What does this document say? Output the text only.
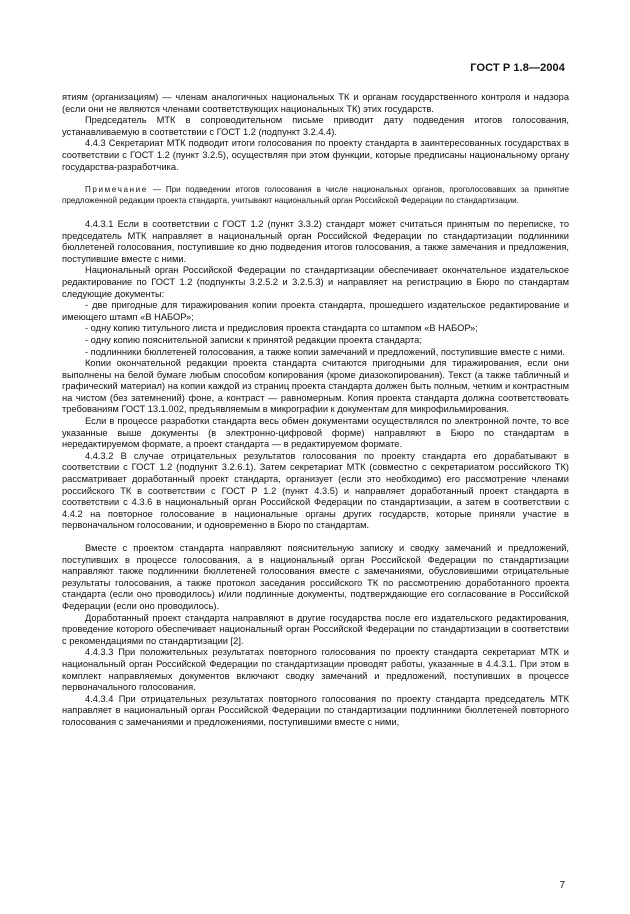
ГОСТ Р 1.8—2004

ятиям (организациям) — членам аналогичных национальных ТК и органам государственного контроля и надзора (если они не являются членами соответствующих национальных ТК) этих государств.

Председатель МТК в сопроводительном письме приводит дату подведения итогов голосования, устанавливаемую в соответствии с ГОСТ 1.2 (подпункт 3.2.4.4).

4.4.3 Секретариат МТК подводит итоги голосования по проекту стандарта в заинтересованных государствах в соответствии с ГОСТ 1.2 (пункт 3.2.5), осуществляя при этом функции, которые предписаны национальному органу государства-разработчика.

Примечание — При подведении итогов голосования в числе национальных органов, проголосовавших за принятие предложенной редакции проекта стандарта, учитывают национальный орган Российской Федерации по стандартизации.

4.4.3.1 Если в соответствии с ГОСТ 1.2 (пункт 3.3.2) стандарт может считаться принятым по переписке, то председатель МТК направляет в национальный орган Российской Федерации по стандартизации подлинники бюллетеней голосования, поступившие ко дню подведения итогов голосования, а также замечания и предложения, поступившие вместе с ними.

Национальный орган Российской Федерации по стандартизации обеспечивает окончательное издательское редактирование по ГОСТ 1.2 (подпункты 3.2.5.2 и 3.2.5.3) и направляет на регистрацию в Бюро по стандартам следующие документы:

- две пригодные для тиражирования копии проекта стандарта, прошедшего издательское редактирование и имеющего штамп «В НАБОР»;

- одну копию титульного листа и предисловия проекта стандарта со штампом «В НАБОР»;

- одну копию пояснительной записки к принятой редакции проекта стандарта;

- подлинники бюллетеней голосования, а также копии замечаний и предложений, поступившие вместе с ними.

Копии окончательной редакции проекта стандарта считаются пригодными для тиражирования, если они выполнены на белой бумаге любым способом копирования (кроме диазокопирования). Текст (а также табличный и графический материал) на копии каждой из страниц проекта стандарта должен быть полным, четким и контрастным на чистом (без затемнений) фоне, а контраст — равномерным. Копия проекта стандарта должна соответствовать требованиям ГОСТ 13.1.002, предъявляемым в микрографии к документам для микрофильмирования.

Если в процессе разработки стандарта весь обмен документами осуществлялся по электронной почте, то все указанные выше документы (в электронно-цифровой форме) направляют в Бюро по стандартам в нередактируемом формате, а проект стандарта — в редактируемом формате.

4.4.3.2 В случае отрицательных результатов голосования по проекту стандарта его дорабатывают в соответствии с ГОСТ 1.2 (подпункт 3.2.6.1). Затем секретариат МТК (совместно с секретариатом российского ТК) рассматривает доработанный проект стандарта, организует (если это необходимо) его рассмотрение членами российского ТК в соответствии с ГОСТ Р 1.2 (пункт 4.3.5) и направляет доработанный проект стандарта в соответствии с 4.3.6 в национальный орган Российской Федерации по стандартизации, а затем в соответствии с 4.4.2 на повторное голосование в национальные органы других государств, которые приняли участие в первоначальном голосовании, и одновременно в Бюро по стандартам.

Вместе с проектом стандарта направляют пояснительную записку и сводку замечаний и предложений, поступивших в процессе голосования, а в национальный орган Российской Федерации по стандартизации направляют также подлинники бюллетеней голосования вместе с замечаниями, обусловившими отрицательные результаты голосования, а также протокол заседания российского ТК по рассмотрению доработанного проекта стандарта (если оно проводилось) и/или подлинные документы, подтверждающие его согласование в Российской Федерации (если оно проводилось).

Доработанный проект стандарта направляют в другие государства после его издательского редактирования, проведение которого обеспечивает национальный орган Российской Федерации по стандартизации в соответствии с рекомендациями по стандартизации [2].

4.4.3.3 При положительных результатах повторного голосования по проекту стандарта секретариат МТК и национальный орган Российской Федерации по стандартизации проводят работы, указанные в 4.4.3.1. При этом в комплект направляемых документов включают сводку замечаний и предложений, поступивших в процессе первоначального голосования.

4.4.3.4 При отрицательных результатах повторного голосования по проекту стандарта председатель МТК направляет в национальный орган Российской Федерации по стандартизации подлинники бюллетеней повторного голосования с замечаниями и предложениями, поступившими вместе с ними,

7
